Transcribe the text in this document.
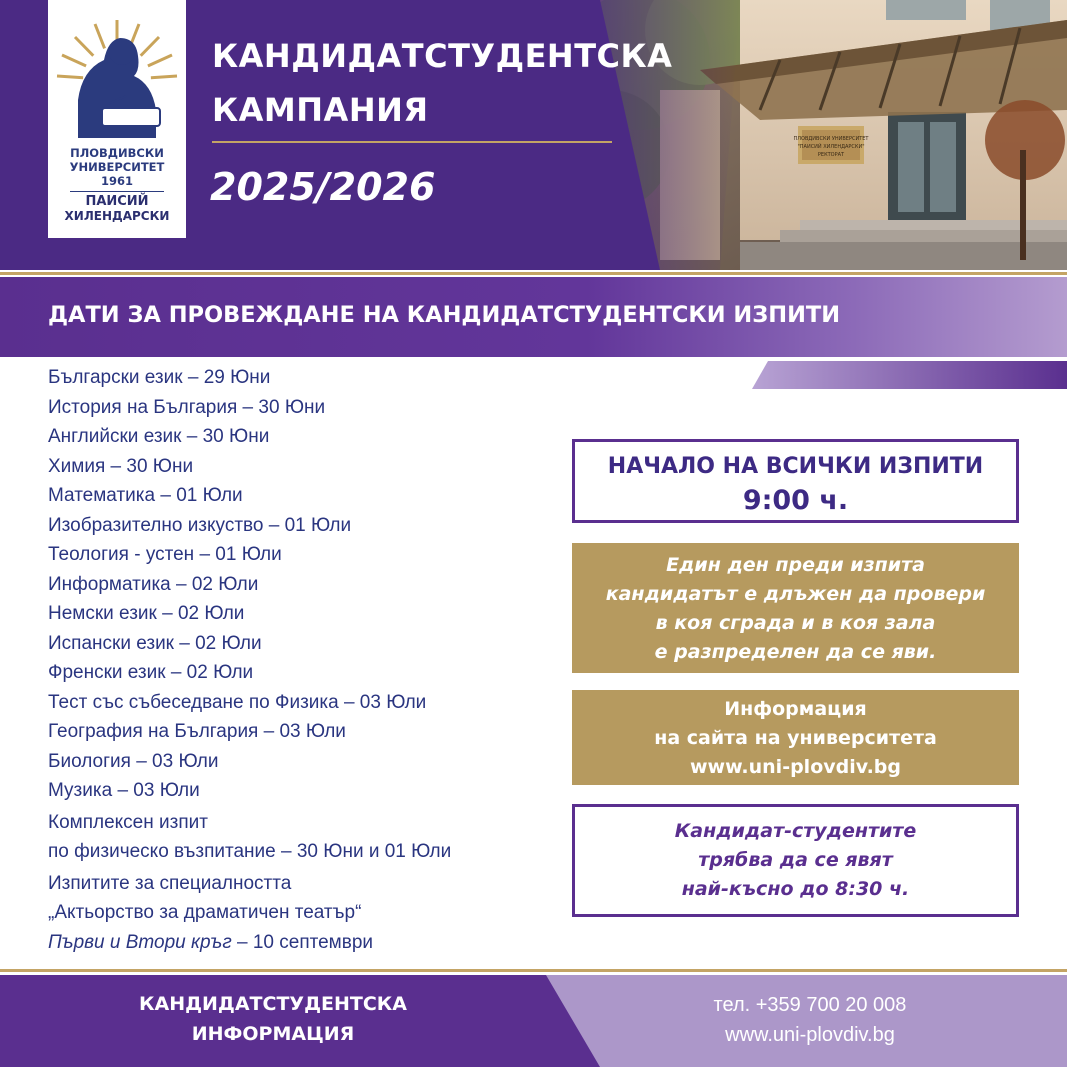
ПЛОВДИВСКИ
УНИВЕРСИТЕТ
1961
ПАИСИЙ
ХИЛЕНДАРСКИ
КАНДИДАТСТУДЕНТСКА
КАМПАНИЯ
2025/2026
ПЛОВДИВСКИ УНИВЕРСИТЕТ
"ПАИСИЙ ХИЛЕНДАРСКИ"
РЕКТОРАТ
ДАТИ ЗА ПРОВЕЖДАНЕ НА КАНДИДАТСТУДЕНТСКИ ИЗПИТИ
Български език – 29 Юни
История на България – 30 Юни
Английски език – 30 Юни
Химия – 30 Юни
Математика – 01 Юли
Изобразително изкуство – 01 Юли
Теология - устен – 01 Юли
Информатика – 02 Юли
Немски език – 02 Юли
Испански език – 02 Юли
Френски език – 02 Юли
Тест със събеседване по Физика – 03 Юли
География на България – 03 Юли
Биология – 03 Юли
Музика – 03 Юли
Комплексен изпит
по физическо възпитание – 30 Юни и 01 Юли
Изпитите за специалността
„Актьорство за драматичен театър“
Първи и Втори кръг – 10 септември
НАЧАЛО НА ВСИЧКИ ИЗПИТИ
9:00 ч.
Един ден преди изпита
кандидатът е длъжен да провери
в коя сграда и в коя зала
е разпределен да се яви.
Информация
на сайта на университета
www.uni-plovdiv.bg
Кандидат-студентите
трябва да се явят
най-късно до 8:30 ч.
КАНДИДАТСТУДЕНТСКА
ИНФОРМАЦИЯ
тел. +359 700 20 008
www.uni-plovdiv.bg
